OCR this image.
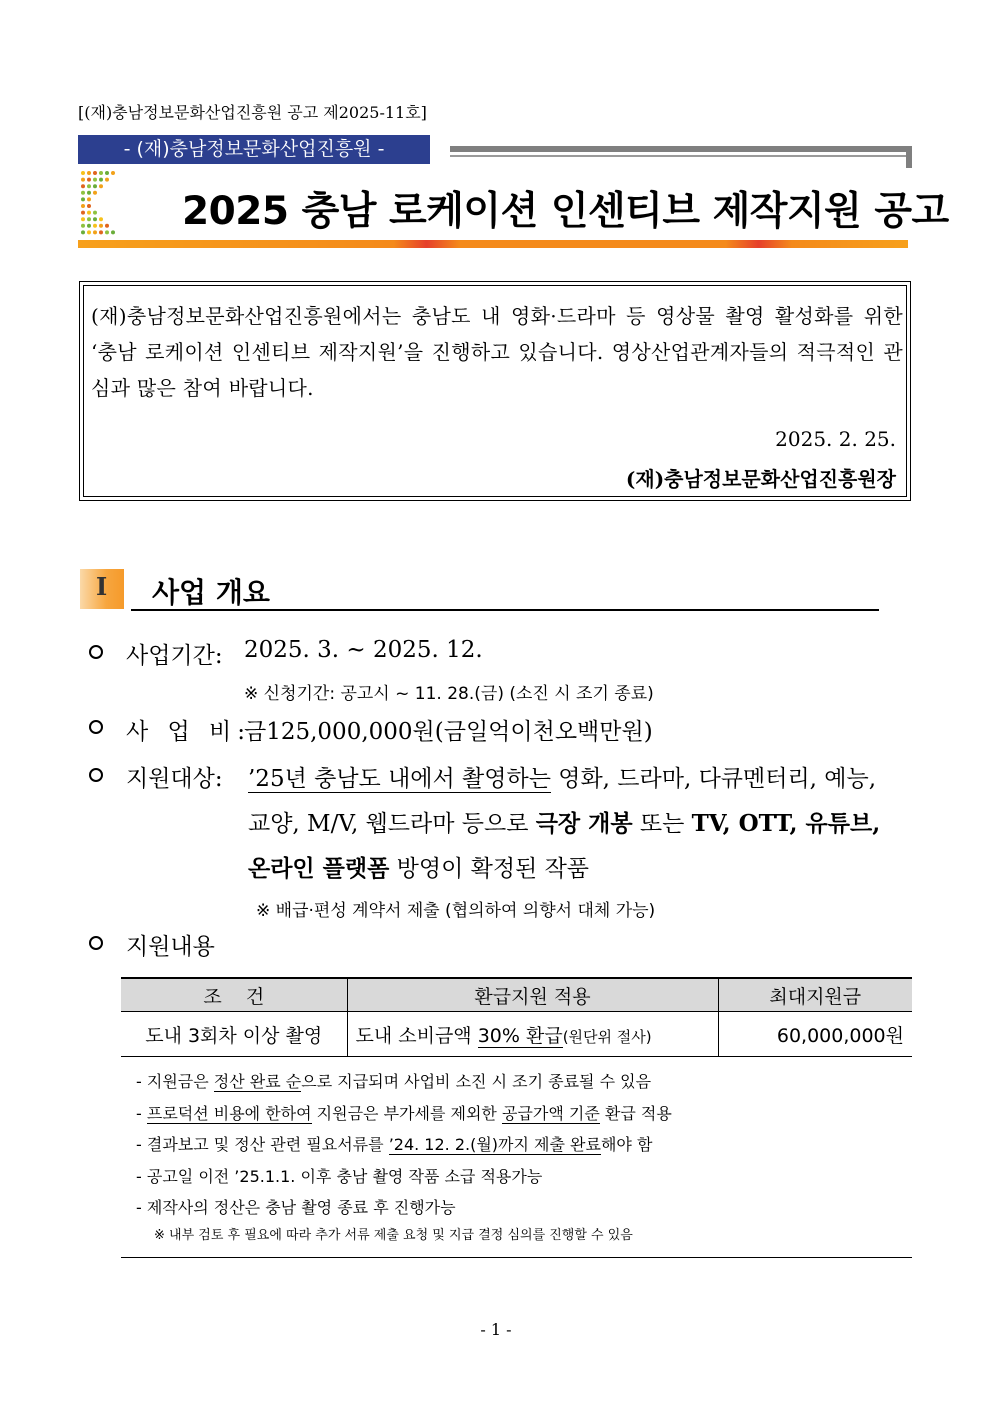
[(재)충남정보문화산업진흥원 공고 제2025-11호]
- (재)충남정보문화산업진흥원 -
2025 충남 로케이션 인센티브 제작지원 공고
(재)충남정보문화산업진흥원에서는 충남도 내 영화·드라마 등 영상물 촬영 활성화를 위한 ‘충남 로케이션 인센티브 제작지원’을 진행하고 있습니다. 영상산업관계자들의 적극적인 관심과 많은 참여 바랍니다.
2025. 2. 25.
(재)충남정보문화산업진흥원장
Ⅰ 사업 개요
사업기간: 2025. 3. ~ 2025. 12.
※ 신청기간: 공고시 ~ 11. 28.(금) (소진 시 조기 종료)
사 업 비:
금125,000,000원(금일억이천오백만원)
지원대상: ’25년 충남도 내에서 촬영하는 영화, 드라마, 다큐멘터리, 예능,
교양, M/V, 웹드라마 등으로 극장 개봉 또는 TV, OTT, 유튜브,
온라인 플랫폼 방영이 확정된 작품
※ 배급·편성 계약서 제출 (협의하여 의향서 대체 가능)
지원내용
조    건	환급지원 적용	최대지원금
도내 3회차 이상 촬영	도내 소비금액 30% 환급(원단위 절사)	60,000,000원
- 지원금은 정산 완료 순으로 지급되며 사업비 소진 시 조기 종료될 수 있음
- 프로덕션 비용에 한하여 지원금은 부가세를 제외한 공급가액 기준 환급 적용
- 결과보고 및 정산 관련 필요서류를 ’24. 12. 2.(월)까지 제출 완료해야 함
- 공고일 이전 ’25.1.1. 이후 충남 촬영 작품 소급 적용가능
- 제작사의 정산은 충남 촬영 종료 후 진행가능
※ 내부 검토 후 필요에 따라 추가 서류 제출 요청 및 지급 결정 심의를 진행할 수 있음
- 1 -
